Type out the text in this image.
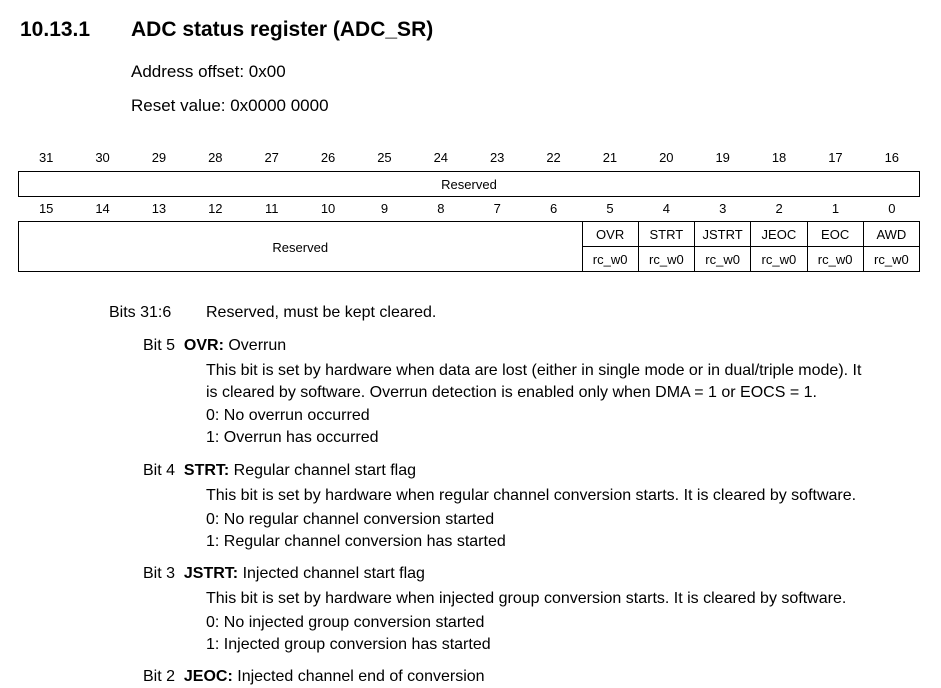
10.13.1 ADC status register (ADC_SR)
Address offset: 0x00
Reset value: 0x0000 0000
31	30	29	28	27	26	25	24	23	22	21	20	19	18	17	16
Reserved
15	14	13	12	11	10	9	8	7	6	5	4	3	2	1	0
Reserved
OVR	STRT	JSTRT	JEOC	EOC	AWD
rc_w0	rc_w0	rc_w0	rc_w0	rc_w0	rc_w0
Bits 31:6 Reserved, must be kept cleared.
Bit 5 OVR: Overrun
This bit is set by hardware when data are lost (either in single mode or in dual/triple mode). It
is cleared by software. Overrun detection is enabled only when DMA = 1 or EOCS = 1.
0: No overrun occurred
1: Overrun has occurred
Bit 4 STRT: Regular channel start flag
This bit is set by hardware when regular channel conversion starts. It is cleared by software.
0: No regular channel conversion started
1: Regular channel conversion has started
Bit 3 JSTRT: Injected channel start flag
This bit is set by hardware when injected group conversion starts. It is cleared by software.
0: No injected group conversion started
1: Injected group conversion has started
Bit 2 JEOC: Injected channel end of conversion
